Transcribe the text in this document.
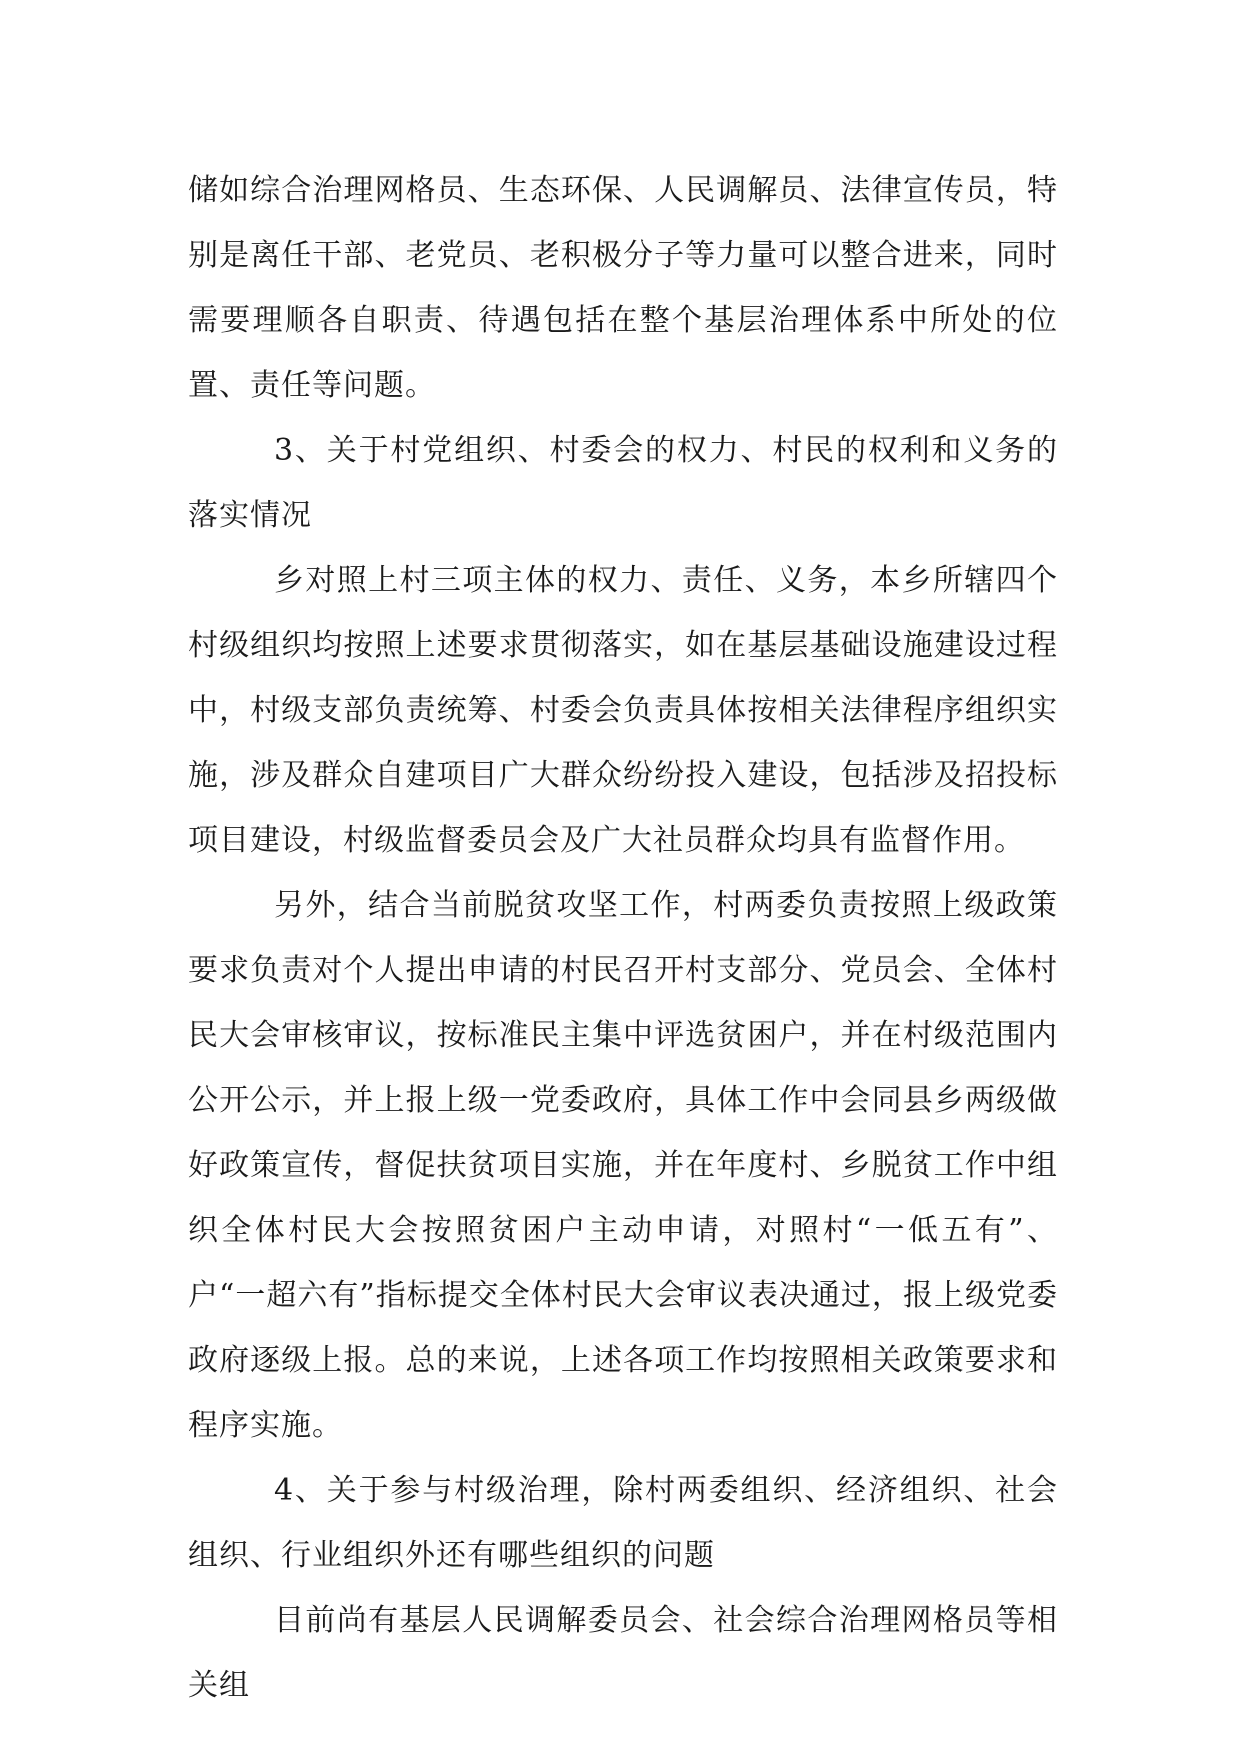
储如综合治理网格员、生态环保、人民调解员、法律宣传员，特别是离任干部、老党员、老积极分子等力量可以整合进来，同时需要理顺各自职责、待遇包括在整个基层治理体系中所处的位置、责任等问题。

3、关于村党组织、村委会的权力、村民的权利和义务的落实情况

乡对照上村三项主体的权力、责任、义务，本乡所辖四个村级组织均按照上述要求贯彻落实，如在基层基础设施建设过程中，村级支部负责统筹、村委会负责具体按相关法律程序组织实施，涉及群众自建项目广大群众纷纷投入建设，包括涉及招投标项目建设，村级监督委员会及广大社员群众均具有监督作用。

另外，结合当前脱贫攻坚工作，村两委负责按照上级政策要求负责对个人提出申请的村民召开村支部分、党员会、全体村民大会审核审议，按标准民主集中评选贫困户，并在村级范围内公开公示，并上报上级一党委政府，具体工作中会同县乡两级做好政策宣传，督促扶贫项目实施，并在年度村、乡脱贫工作中组织全体村民大会按照贫困户主动申请，对照村“一低五有”、户“一超六有”指标提交全体村民大会审议表决通过，报上级党委政府逐级上报。总的来说，上述各项工作均按照相关政策要求和程序实施。

4、关于参与村级治理，除村两委组织、经济组织、社会组织、行业组织外还有哪些组织的问题

目前尚有基层人民调解委员会、社会综合治理网格员等相关组
